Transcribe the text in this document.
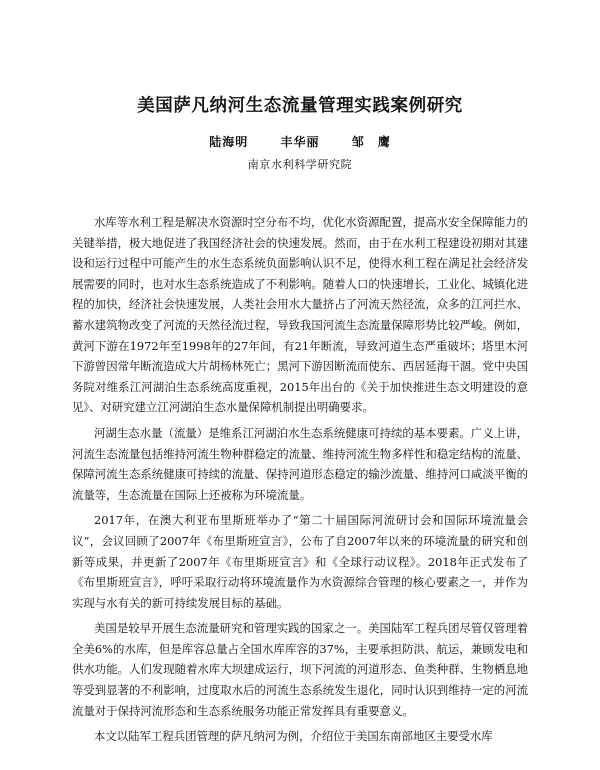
美国萨凡纳河生态流量管理实践案例研究
陆海明	丰华丽	邹　鹰
南京水利科学研究院

水库等水利工程是解决水资源时空分布不均，优化水资源配置，提高水安全保障能力的关键举措，极大地促进了我国经济社会的快速发展。然而，由于在水利工程建设初期对其建设和运行过程中可能产生的水生态系统负面影响认识不足，使得水利工程在满足社会经济发展需要的同时，也对水生态系统造成了不利影响。随着人口的快速增长，工业化、城镇化进程的加快，经济社会快速发展，人类社会用水大量挤占了河流天然径流，众多的江河拦水、蓄水建筑物改变了河流的天然径流过程，导致我国河流生态流量保障形势比较严峻。例如，黄河下游在1972年至1998年的27年间，有21年断流，导致河道生态严重破坏；塔里木河下游曾因常年断流造成大片胡杨林死亡；黑河下游因断流而使东、西居延海干涸。党中央国务院对维系江河湖泊生态系统高度重视，2015年出台的《关于加快推进生态文明建设的意见》、对研究建立江河湖泊生态水量保障机制提出明确要求。

河湖生态水量（流量）是维系江河湖泊水生态系统健康可持续的基本要素。广义上讲，河流生态流量包括维持河流生物种群稳定的流量、维持河流生物多样性和稳定结构的流量、保障河流生态系统健康可持续的流量、保持河道形态稳定的输沙流量、维持河口咸淡平衡的流量等，生态流量在国际上还被称为环境流量。

2017年，在澳大利亚布里斯班举办了“第二十届国际河流研讨会和国际环境流量会议”，会议回顾了2007年《布里斯班宣言》，公布了自2007年以来的环境流量的研究和创新等成果，并更新了2007年《布里斯班宣言》和《全球行动议程》。2018年正式发布了《布里斯班宣言》，呼吁采取行动将环境流量作为水资源综合管理的核心要素之一，并作为实现与水有关的新可持续发展目标的基础。

美国是较早开展生态流量研究和管理实践的国家之一。美国陆军工程兵团尽管仅管理着全美6%的水库，但是库容总量占全国水库库容的37%，主要承担防洪、航运，兼顾发电和供水功能。人们发现随着水库大坝建成运行，坝下河流的河道形态、鱼类种群、生物栖息地等受到显著的不利影响，过度取水后的河流生态系统发生退化，同时认识到维持一定的河流流量对于保持河流形态和生态系统服务功能正常发挥具有重要意义。

本文以陆军工程兵团管理的萨凡纳河为例，介绍位于美国东南部地区主要受水库
